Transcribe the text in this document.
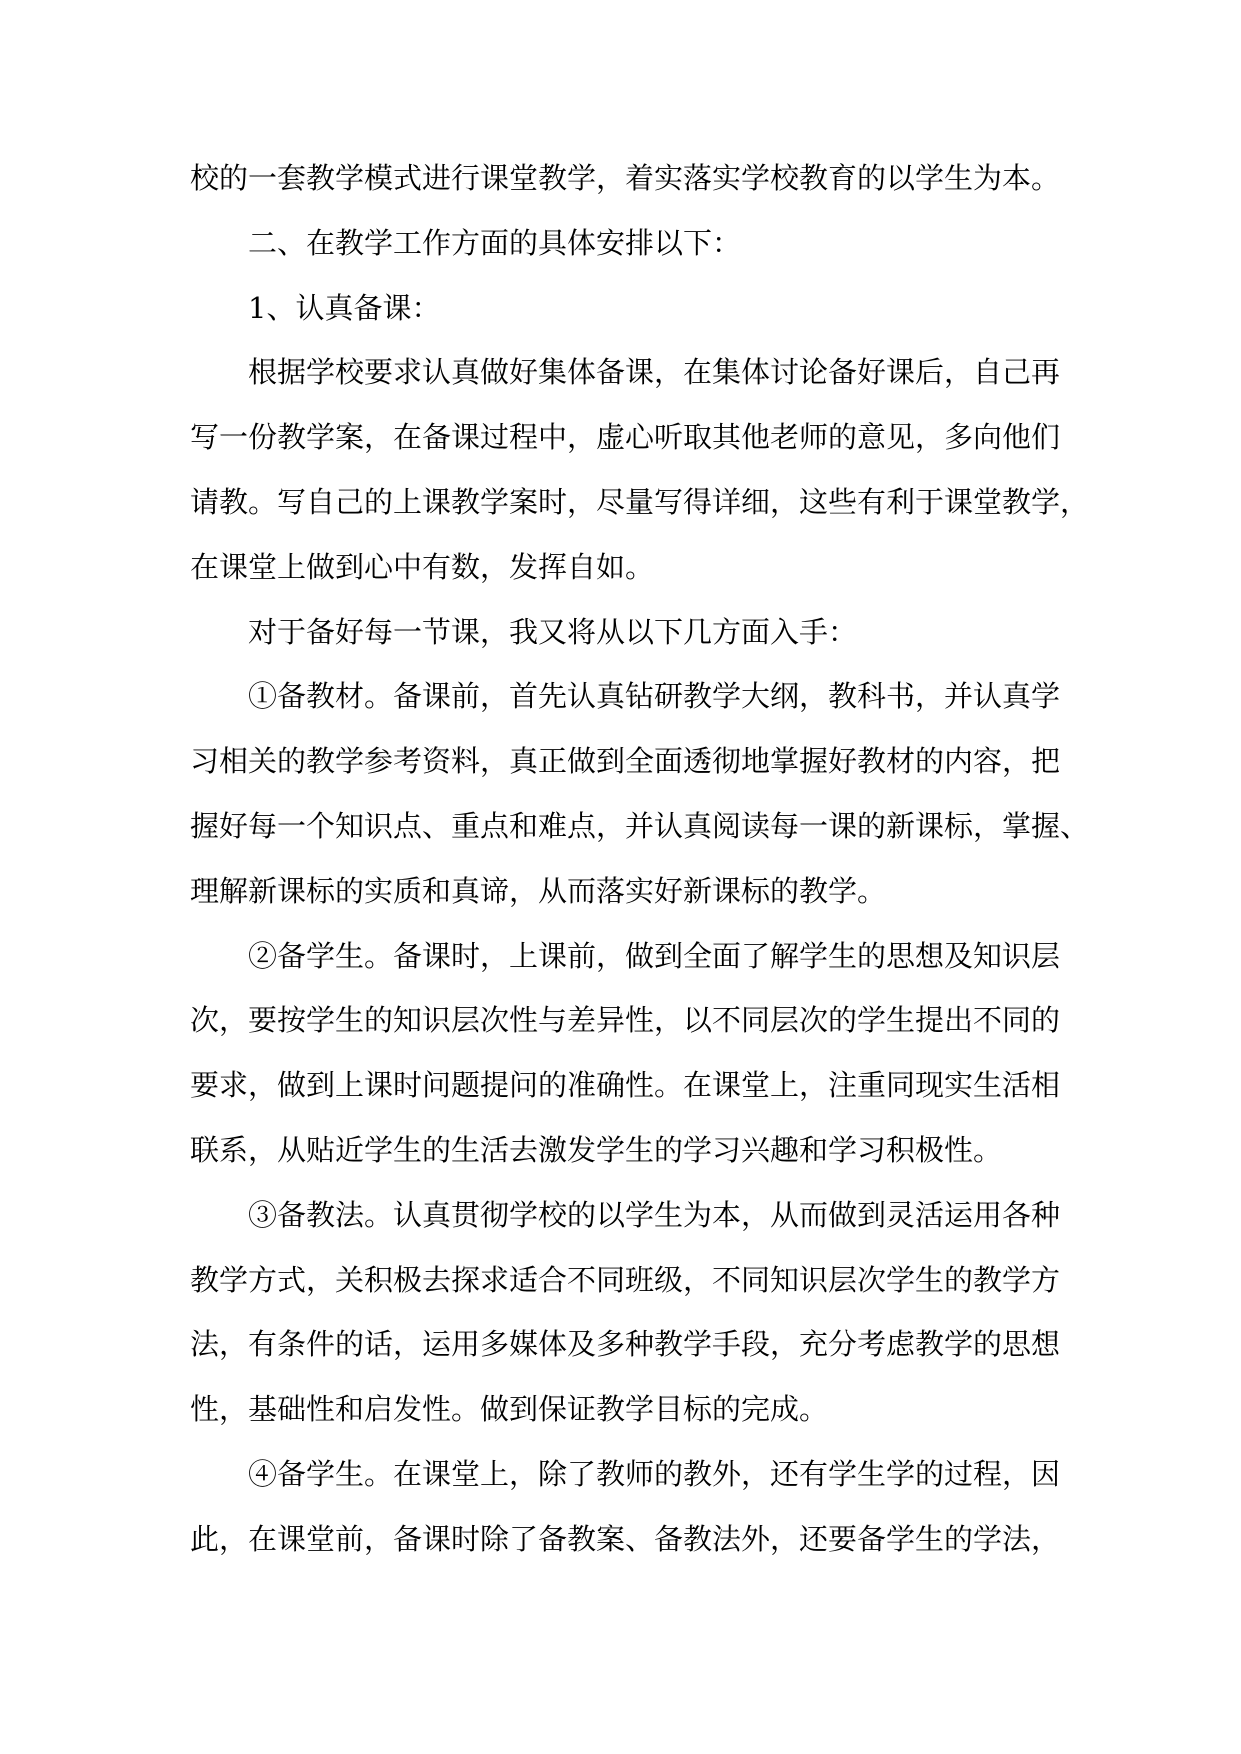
校的一套教学模式进行课堂教学，着实落实学校教育的以学生为本。
二、在教学工作方面的具体安排以下：
1、认真备课：
根据学校要求认真做好集体备课，在集体讨论备好课后，自己再
写一份教学案，在备课过程中，虚心听取其他老师的意见，多向他们
请教。写自己的上课教学案时，尽量写得详细，这些有利于课堂教学，
在课堂上做到心中有数，发挥自如。
对于备好每一节课，我又将从以下几方面入手：
①备教材。备课前，首先认真钻研教学大纲，教科书，并认真学
习相关的教学参考资料，真正做到全面透彻地掌握好教材的内容，把
握好每一个知识点、重点和难点，并认真阅读每一课的新课标，掌握、
理解新课标的实质和真谛，从而落实好新课标的教学。
②备学生。备课时，上课前，做到全面了解学生的思想及知识层
次，要按学生的知识层次性与差异性，以不同层次的学生提出不同的
要求，做到上课时问题提问的准确性。在课堂上，注重同现实生活相
联系，从贴近学生的生活去激发学生的学习兴趣和学习积极性。
③备教法。认真贯彻学校的以学生为本，从而做到灵活运用各种
教学方式，关积极去探求适合不同班级，不同知识层次学生的教学方
法，有条件的话，运用多媒体及多种教学手段，充分考虑教学的思想
性，基础性和启发性。做到保证教学目标的完成。
④备学生。在课堂上，除了教师的教外，还有学生学的过程，因
此，在课堂前，备课时除了备教案、备教法外，还要备学生的学法，
